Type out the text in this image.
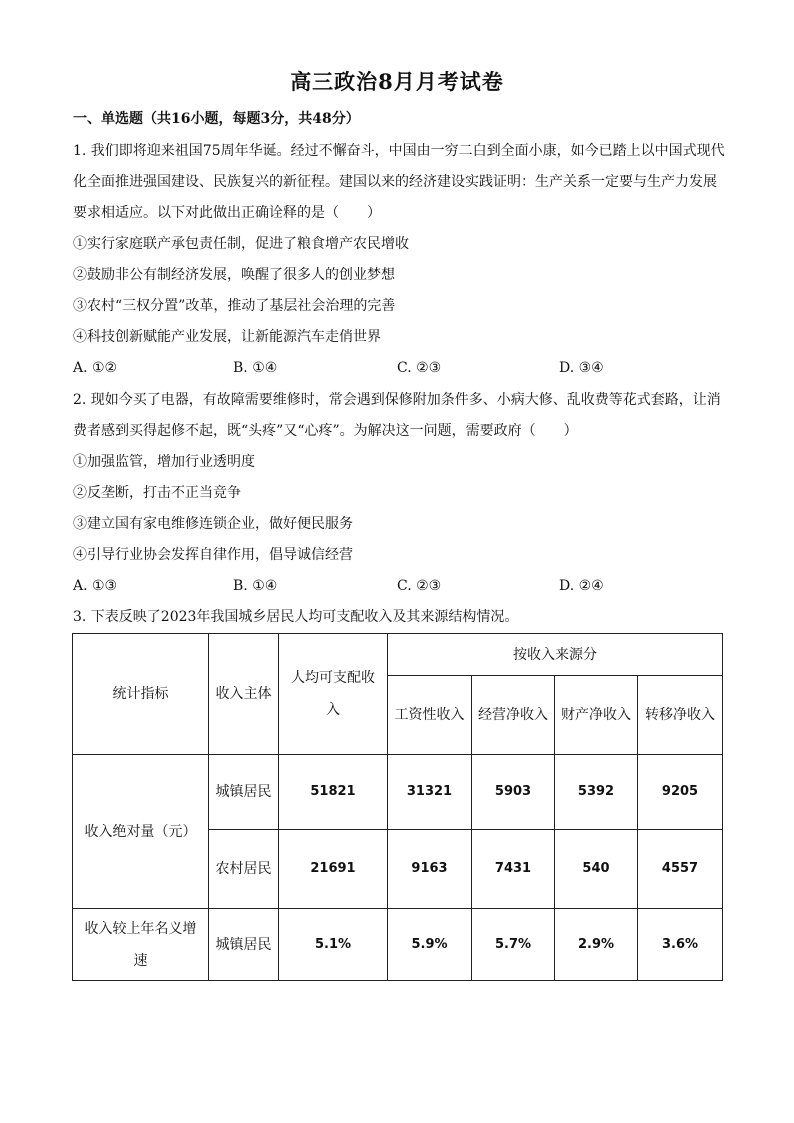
高三政治8月月考试卷
一、单选题（共16小题，每题3分，共48分）
1. 我们即将迎来祖国75周年华诞。经过不懈奋斗，中国由一穷二白到全面小康，如今已踏上以中国式现代
化全面推进强国建设、民族复兴的新征程。建国以来的经济建设实践证明：生产关系一定要与生产力发展
要求相适应。以下对此做出正确诠释的是（　　）
①实行家庭联产承包责任制，促进了粮食增产农民增收
②鼓励非公有制经济发展，唤醒了很多人的创业梦想
③农村“三权分置”改革，推动了基层社会治理的完善
④科技创新赋能产业发展，让新能源汽车走俏世界
A. ①②	B. ①④	C. ②③	D. ③④
2. 现如今买了电器，有故障需要维修时，常会遇到保修附加条件多、小病大修、乱收费等花式套路，让消
费者感到买得起修不起，既“头疼”又“心疼”。为解决这一问题，需要政府（　　）
①加强监管，增加行业透明度
②反垄断，打击不正当竞争
③建立国有家电维修连锁企业，做好便民服务
④引导行业协会发挥自律作用，倡导诚信经营
A. ①③	B. ①④	C. ②③	D. ②④
3. 下表反映了2023年我国城乡居民人均可支配收入及其来源结构情况。
统计指标	收入主体	人均可支配收入	按收入来源分			
			工资性收入	经营净收入	财产净收入	转移净收入
收入绝对量（元）	城镇居民	51821	31321	5903	5392	9205
	农村居民	21691	9163	7431	540	4557
收入较上年名义增速	城镇居民	5.1%	5.9%	5.7%	2.9%	3.6%
